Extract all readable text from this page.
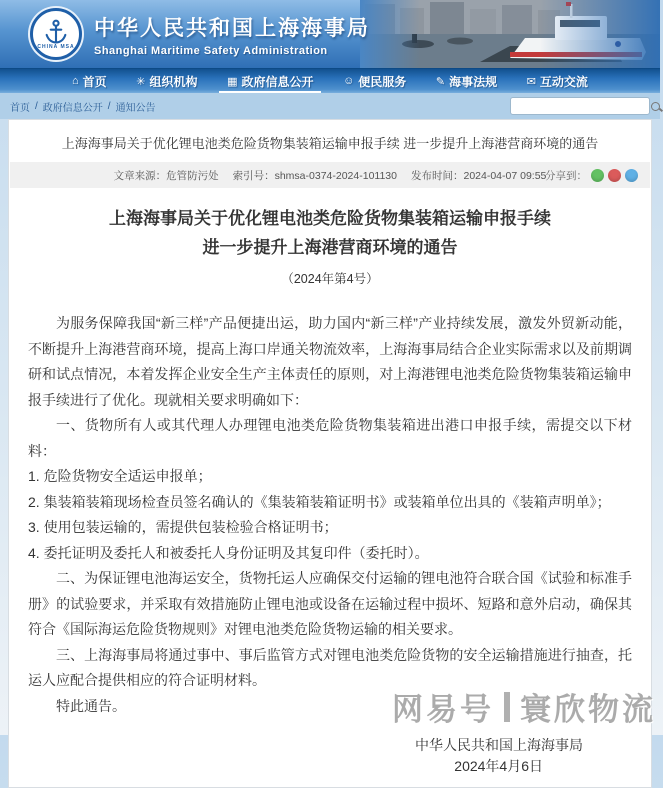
CHINA MSA
中华人民共和国上海海事局
Shanghai Maritime Safety Administration
⌂ 首页	✳ 组织机构	▦ 政府信息公开	☺ 便民服务	✎ 海事法规	✉ 互动交流
首页 / 政府信息公开 / 通知公告
上海海事局关于优化锂电池类危险货物集装箱运输申报手续 进一步提升上海港营商环境的通告
文章来源：危管防污处 索引号：shmsa-0374-2024-101130 发布时间：2024-04-07 09:55
分享到：
上海海事局关于优化锂电池类危险货物集装箱运输申报手续
进一步提升上海港营商环境的通告
（2024年第4号）

为服务保障我国“新三样”产品便捷出运，助力国内“新三样”产业持续发展，激发外贸新动能，不断提升上海港营商环境，提高上海口岸通关物流效率，上海海事局结合企业实际需求以及前期调研和试点情况，本着发挥企业安全生产主体责任的原则，对上海港锂电池类危险货物集装箱运输申报手续进行了优化。现就相关要求明确如下：

一、货物所有人或其代理人办理锂电池类危险货物集装箱进出港口申报手续，需提交以下材料：

1. 危险货物安全适运申报单；

2. 集装箱装箱现场检查员签名确认的《集装箱装箱证明书》或装箱单位出具的《装箱声明单》；

3. 使用包装运输的，需提供包装检验合格证明书；

4. 委托证明及委托人和被委托人身份证明及其复印件（委托时）。

二、为保证锂电池海运安全，货物托运人应确保交付运输的锂电池符合联合国《试验和标准手册》的试验要求，并采取有效措施防止锂电池或设备在运输过程中损坏、短路和意外启动，确保其符合《国际海运危险货物规则》对锂电池类危险货物运输的相关要求。

三、上海海事局将通过事中、事后监管方式对锂电池类危险货物的安全运输措施进行抽查，托运人应配合提供相应的符合证明材料。

特此通告。

中华人民共和国上海海事局
2024年4月6日
网易号 寰欣物流
